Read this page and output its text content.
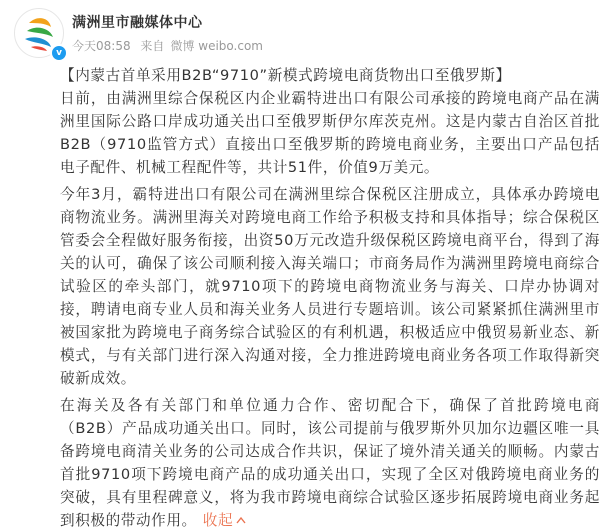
v
满洲里市融媒体中心
今天08:58 来自 微博 weibo.com

【内蒙古首单采用B2B“9710”新模式跨境电商货物出口至俄罗斯】

日前，由满洲里综合保税区内企业霸特进出口有限公司承接的跨境电商产品在满洲里国际公路口岸成功通关出口至俄罗斯伊尔库茨克州。这是内蒙古自治区首批B2B（9710监管方式）直接出口至俄罗斯的跨境电商业务，主要出口产品包括电子配件、机械工程配件等，共计51件，价值9万美元。

今年3月，霸特进出口有限公司在满洲里综合保税区注册成立，具体承办跨境电商物流业务。满洲里海关对跨境电商工作给予积极支持和具体指导；综合保税区管委会全程做好服务衔接，出资50万元改造升级保税区跨境电商平台，得到了海关的认可，确保了该公司顺利接入海关端口；市商务局作为满洲里跨境电商综合试验区的牵头部门，就9710项下的跨境电商物流业务与海关、口岸办协调对接，聘请电商专业人员和海关业务人员进行专题培训。该公司紧紧抓住满洲里市被国家批为跨境电子商务综合试验区的有利机遇，积极适应中俄贸易新业态、新模式，与有关部门进行深入沟通对接，全力推进跨境电商业务各项工作取得新突破新成效。

在海关及各有关部门和单位通力合作、密切配合下，确保了首批跨境电商（B2B）产品成功通关出口。同时，该公司提前与俄罗斯外贝加尔边疆区唯一具备跨境电商清关业务的公司达成合作共识，保证了境外清关通关的顺畅。内蒙古首批9710项下跨境电商产品的成功通关出口，实现了全区对俄跨境电商业务的突破，具有里程碑意义，将为我市跨境电商综合试验区逐步拓展跨境电商业务起到积极的带动作用。 收起
